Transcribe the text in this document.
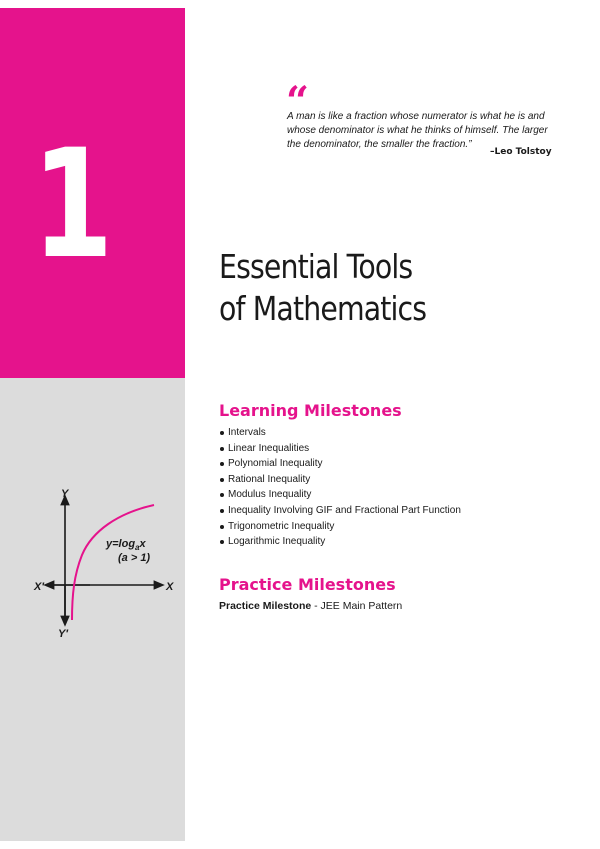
1
“
A man is like a fraction whose numerator is what he is and whose denominator is what he thinks of himself. The larger the denominator, the smaller the fraction.”
–Leo Tolstoy
Essential Tools
of Mathematics
Learning Milestones
Intervals
Linear Inequalities
Polynomial Inequality
Rational Inequality
Modulus Inequality
Inequality Involving GIF and Fractional Part Function
Trigonometric Inequality
Logarithmic Inequality
Practice Milestones
Practice Milestone - JEE Main Pattern
Y
Y′
X
X′
$y=\log_ax$
(a > 1)
